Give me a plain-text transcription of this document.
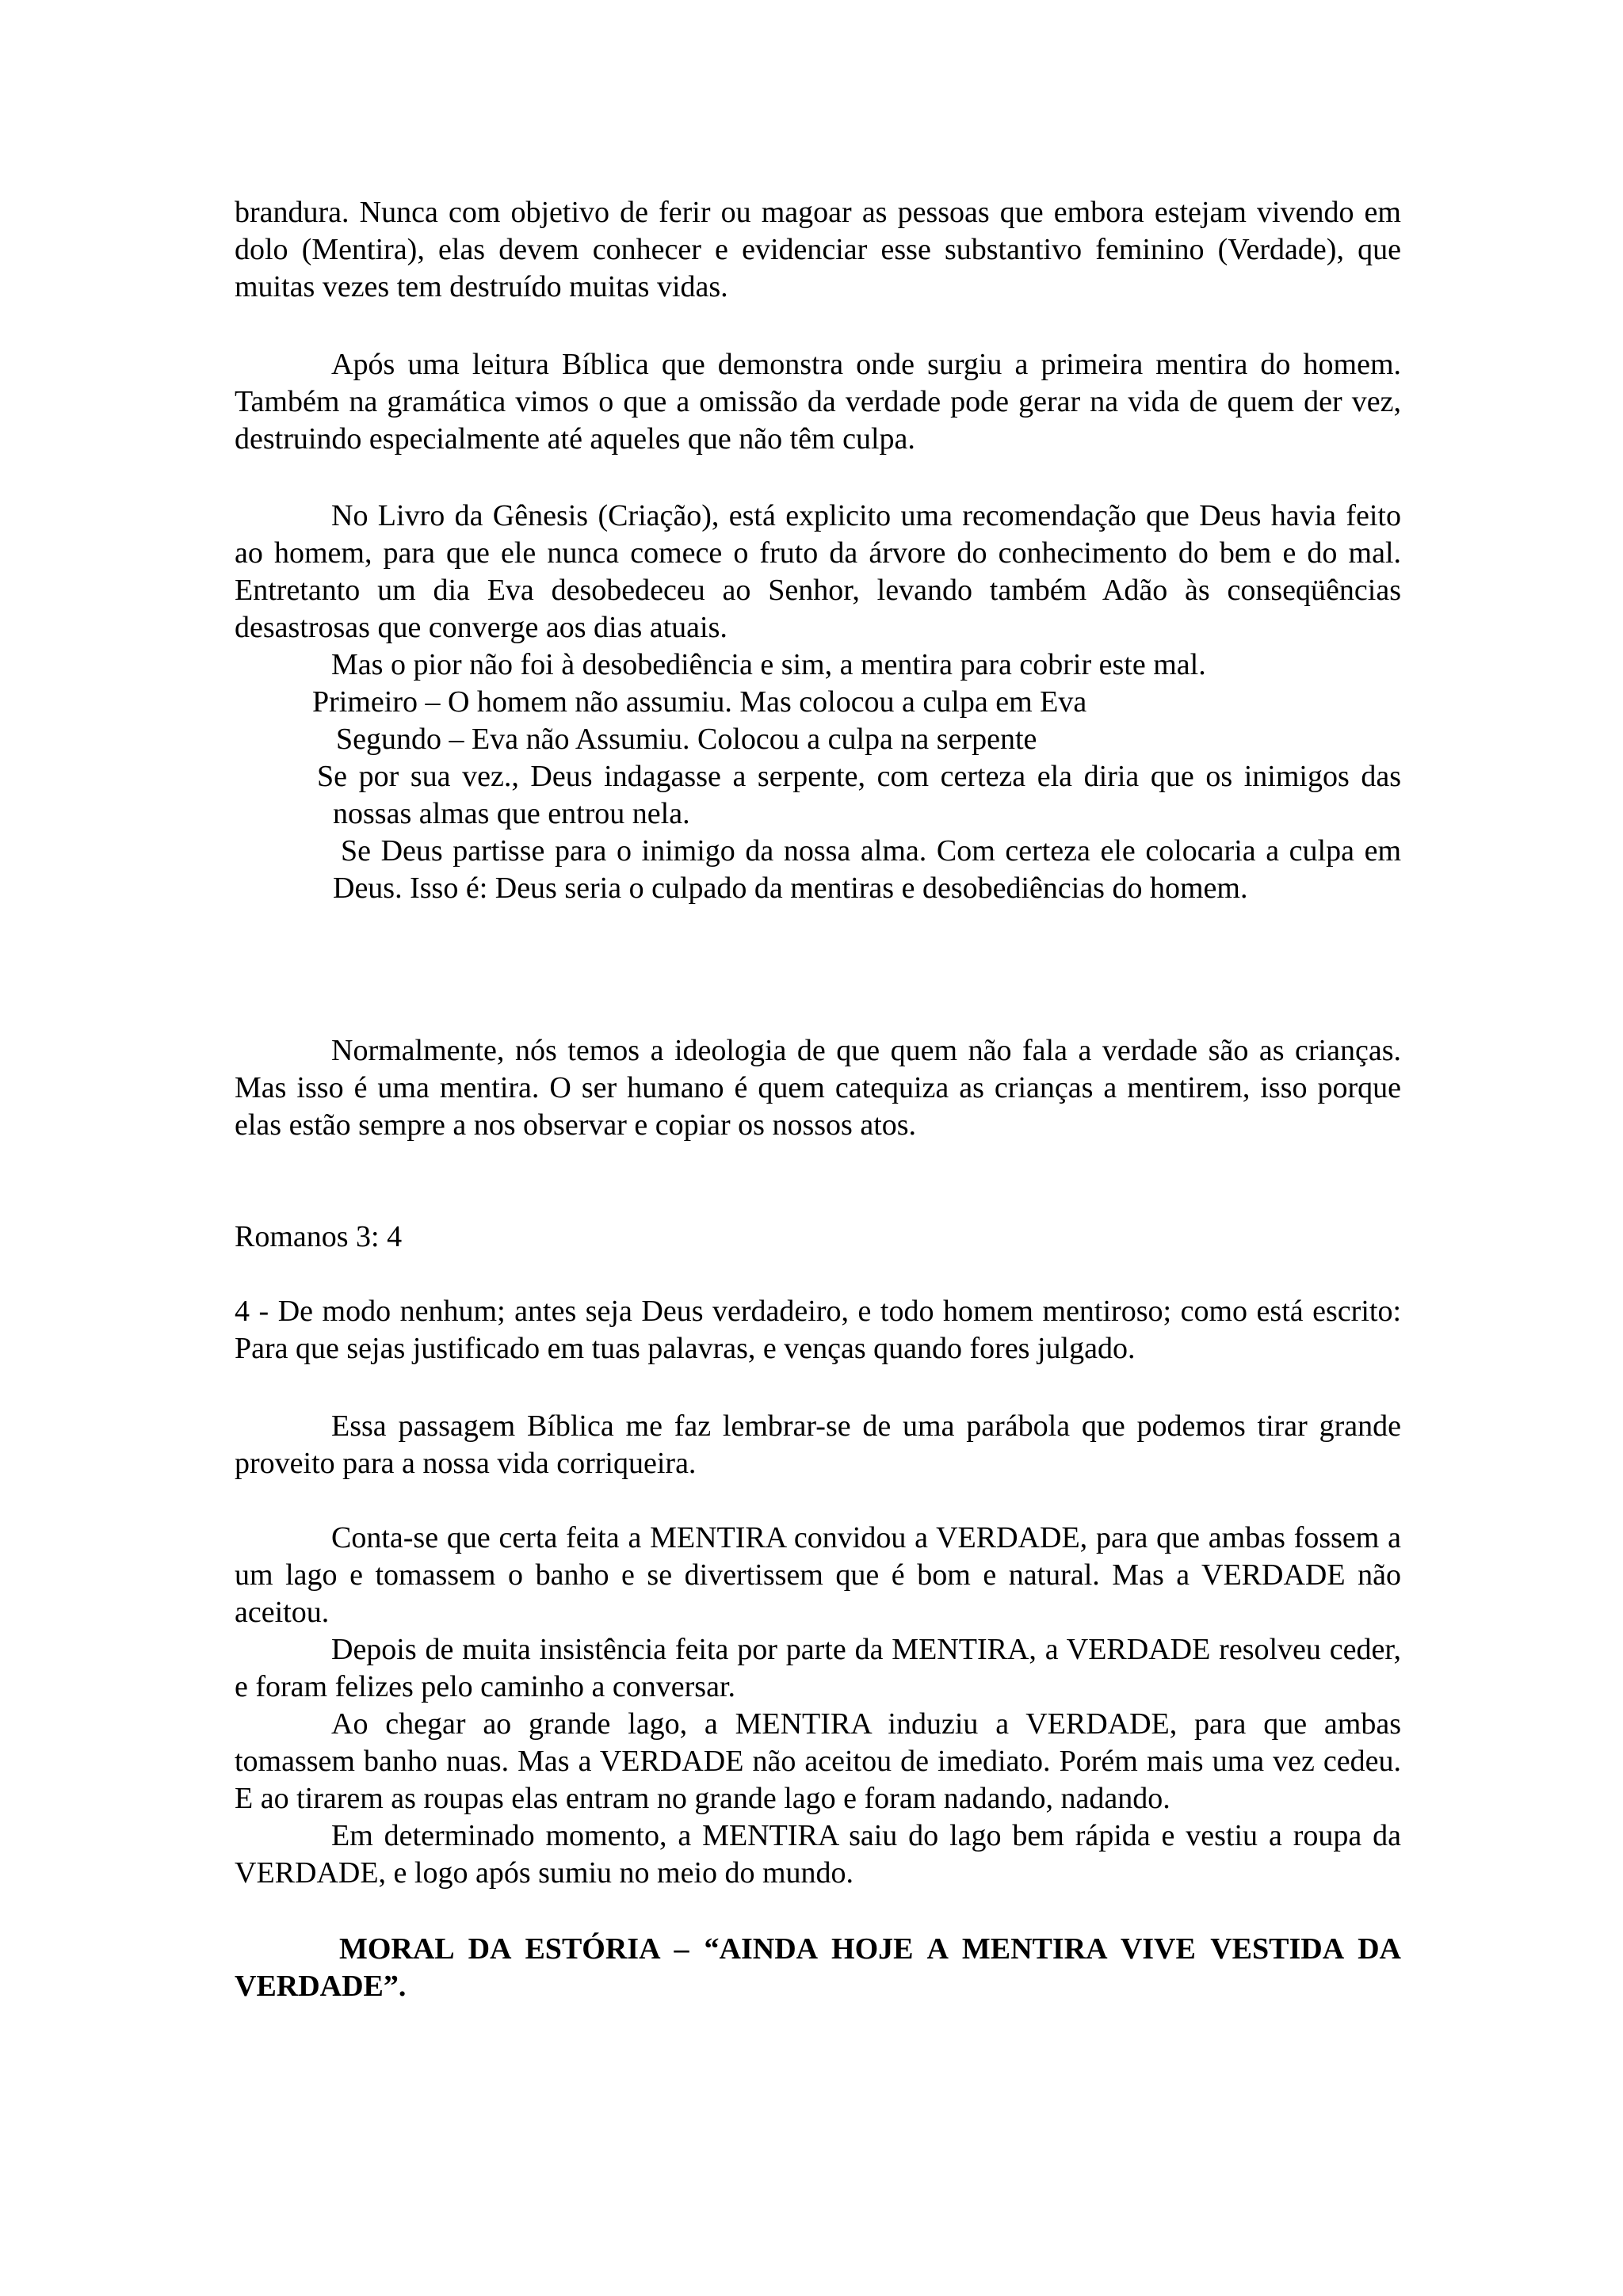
brandura. Nunca com objetivo de ferir ou magoar as pessoas que embora estejam vivendo em dolo (Mentira), elas devem conhecer e evidenciar esse substantivo feminino (Verdade), que muitas vezes tem destruído muitas vidas.

Após uma leitura Bíblica que demonstra onde surgiu a primeira mentira do homem. Também na gramática vimos o que a omissão da verdade pode gerar na vida de quem der vez, destruindo especialmente até aqueles que não têm culpa.

No Livro da Gênesis (Criação), está explicito uma recomendação que Deus havia feito ao homem, para que ele nunca comece o fruto da árvore do conhecimento do bem e do mal. Entretanto um dia Eva desobedeceu ao Senhor, levando também Adão às conseqüências desastrosas que converge aos dias atuais.

Mas o pior não foi à desobediência e sim, a mentira para cobrir este mal.

Primeiro – O homem não assumiu. Mas colocou a culpa em Eva

Segundo – Eva não Assumiu. Colocou a culpa na serpente

Se por sua vez., Deus indagasse a serpente, com certeza ela diria que os inimigos das nossas almas que entrou nela.

Se Deus partisse para o inimigo da nossa alma. Com certeza ele colocaria a culpa em Deus. Isso é: Deus seria o culpado da mentiras e desobediências do homem.

Normalmente, nós temos a ideologia de que quem não fala a verdade são as crianças. Mas isso é uma mentira. O ser humano é quem catequiza as crianças a mentirem, isso porque elas estão sempre a nos observar e copiar os nossos atos.

Romanos 3: 4

4 - De modo nenhum; antes seja Deus verdadeiro, e todo homem mentiroso; como está escrito: Para que sejas justificado em tuas palavras, e venças quando fores julgado.

Essa passagem Bíblica me faz lembrar-se de uma parábola que podemos tirar grande proveito para a nossa vida corriqueira.

Conta-se que certa feita a MENTIRA convidou a VERDADE, para que ambas fossem a um lago e tomassem o banho e se divertissem que é bom e natural. Mas a VERDADE não aceitou.

Depois de muita insistência feita por parte da MENTIRA, a VERDADE resolveu ceder, e foram felizes pelo caminho a conversar.

Ao chegar ao grande lago, a MENTIRA induziu a VERDADE, para que ambas tomassem banho nuas. Mas a VERDADE não aceitou de imediato. Porém mais uma vez cedeu. E ao tirarem as roupas elas entram no grande lago e foram nadando, nadando.

Em determinado momento, a MENTIRA saiu do lago bem rápida e vestiu a roupa da VERDADE, e logo após sumiu no meio do mundo.

MORAL DA ESTÓRIA – “AINDA HOJE A MENTIRA VIVE VESTIDA DA VERDADE”.
